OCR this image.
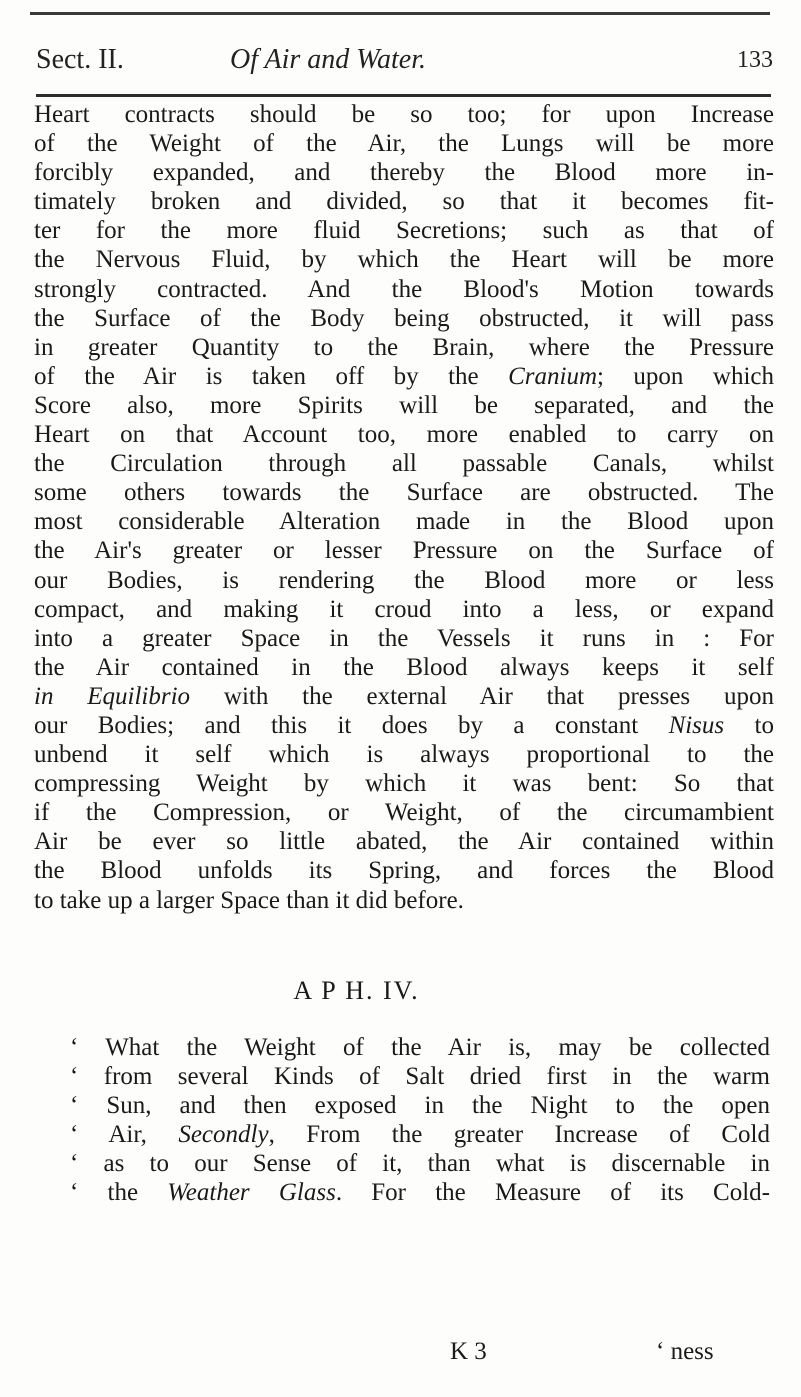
Sect. II.	Of Air and Water.	133
Heart contracts should be so too; for upon Increase
of the Weight of the Air, the Lungs will be more
forcibly expanded, and thereby the Blood more in-
timately broken and divided, so that it becomes fit-
ter for the more fluid Secretions; such as that of
the Nervous Fluid, by which the Heart will be more
strongly contracted. And the Blood's Motion towards
the Surface of the Body being obstructed, it will pass
in greater Quantity to the Brain, where the Pressure
of the Air is taken off by the Cranium; upon which
Score also, more Spirits will be separated, and the
Heart on that Account too, more enabled to carry on
the Circulation through all passable Canals, whilst
some others towards the Surface are obstructed. The
most considerable Alteration made in the Blood upon
the Air's greater or lesser Pressure on the Surface of
our Bodies, is rendering the Blood more or less
compact, and making it croud into a less, or expand
into a greater Space in the Vessels it runs in : For
the Air contained in the Blood always keeps it self
in Equilibrio with the external Air that presses upon
our Bodies; and this it does by a constant Nisus to
unbend it self which is always proportional to the
compressing Weight by which it was bent: So that
if the Compression, or Weight, of the circumambient
Air be ever so little abated, the Air contained within
the Blood unfolds its Spring, and forces the Blood
to take up a larger Space than it did before.
A P H. IV.
‘ What the Weight of the Air is, may be collected
‘ from several Kinds of Salt dried first in the warm
‘ Sun, and then exposed in the Night to the open
‘ Air, Secondly, From the greater Increase of Cold
‘ as to our Sense of it, than what is discernable in
‘ the Weather Glass. For the Measure of its Cold-
K 3	‘ ness
